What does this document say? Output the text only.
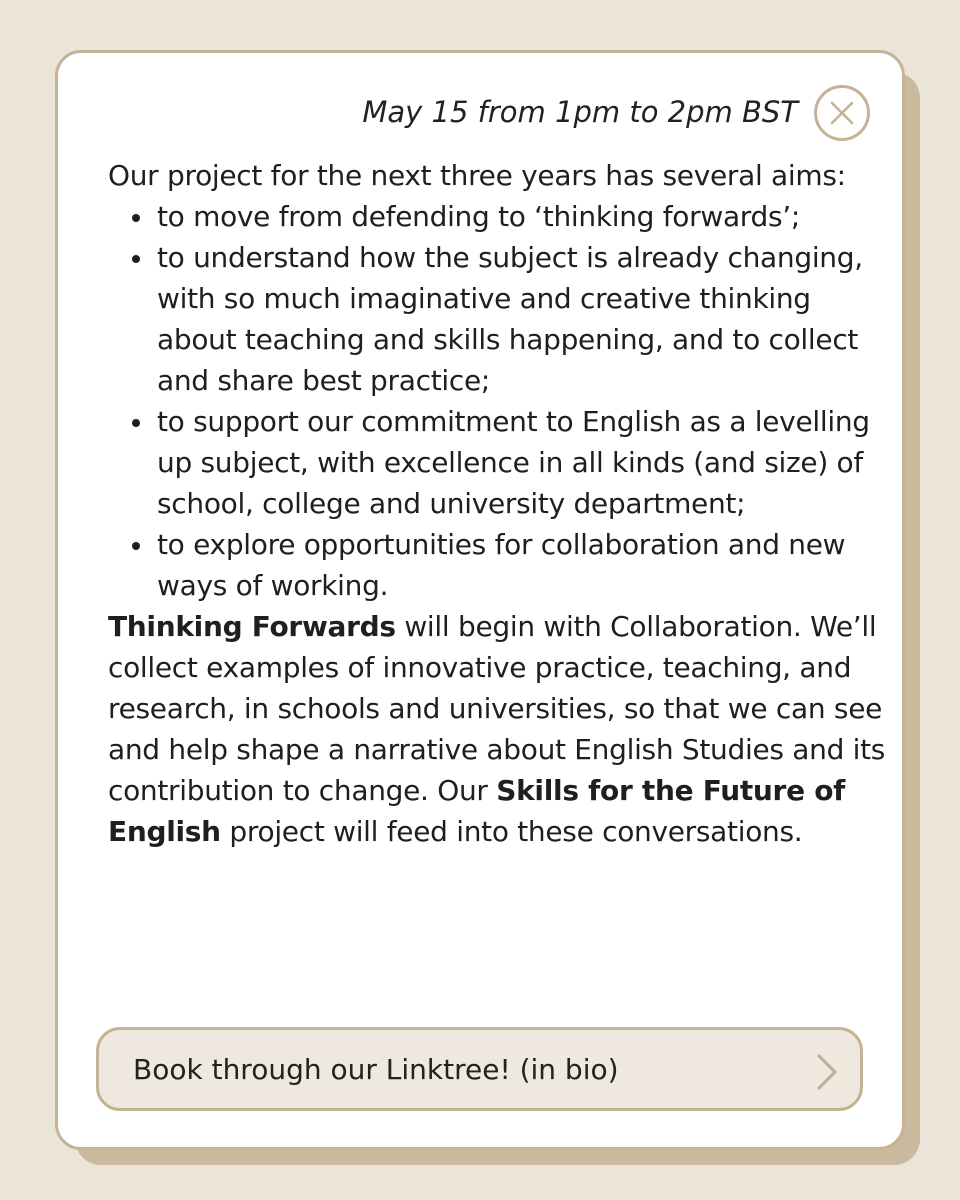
May 15 from 1pm to 2pm BST

Our project for the next three years has several aims:

to move from defending to ‘thinking forwards’;
to understand how the subject is already changing, with so much imaginative and creative thinking about teaching and skills happening, and to collect and share best practice;
to support our commitment to English as a levelling up subject, with excellence in all kinds (and size) of school, college and university department;
to explore opportunities for collaboration and new ways of working.

Thinking Forwards will begin with Collaboration. We’ll collect examples of innovative practice, teaching, and research, in schools and universities, so that we can see and help shape a narrative about English Studies and its contribution to change. Our Skills for the Future of English project will feed into these conversations.

Book through our Linktree! (in bio)
